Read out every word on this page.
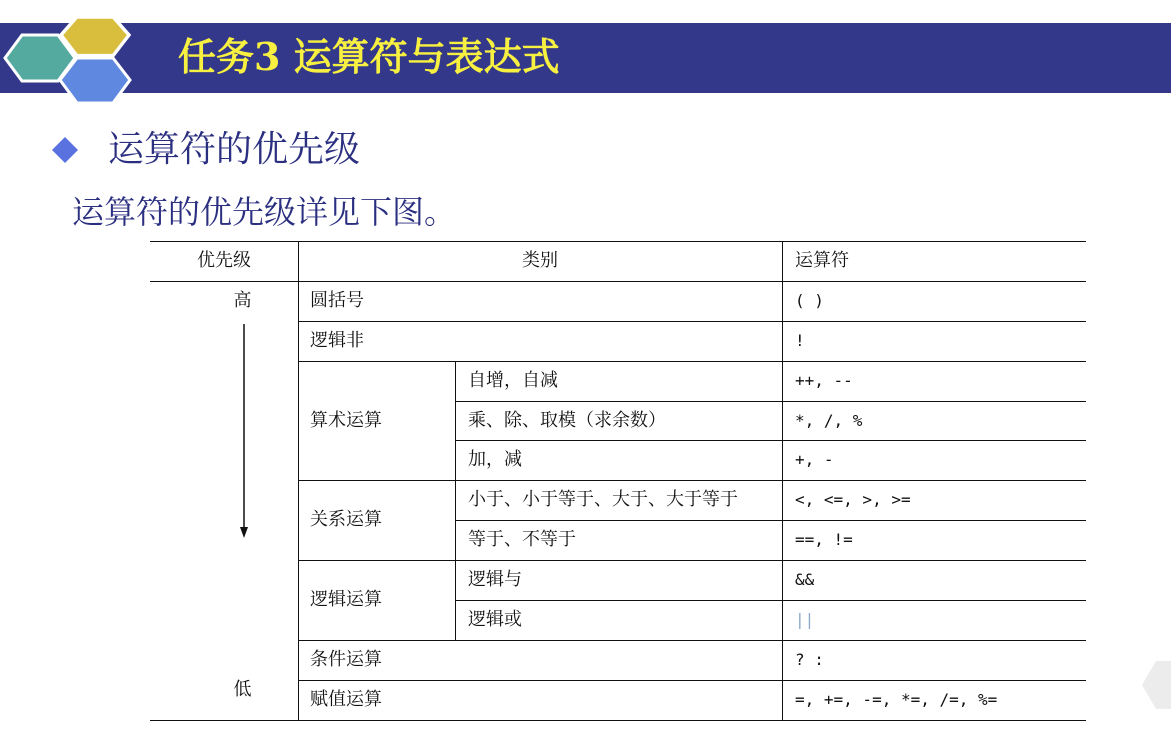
任务3 运算符与表达式
运算符的优先级
运算符的优先级详见下图。
优先级	类别	运算符
高
低
圆括号	( )
逻辑非	!
算术运算
自增，自减	++, --
乘、除、取模（求余数）	*, /, %
加，减	+, -
关系运算
小于、小于等于、大于、大于等于	<, <=, >, >=
等于、不等于	==, !=
逻辑运算
逻辑与	&&
逻辑或	||
条件运算	? :
赋值运算	=, +=, -=, *=, /=, %=
